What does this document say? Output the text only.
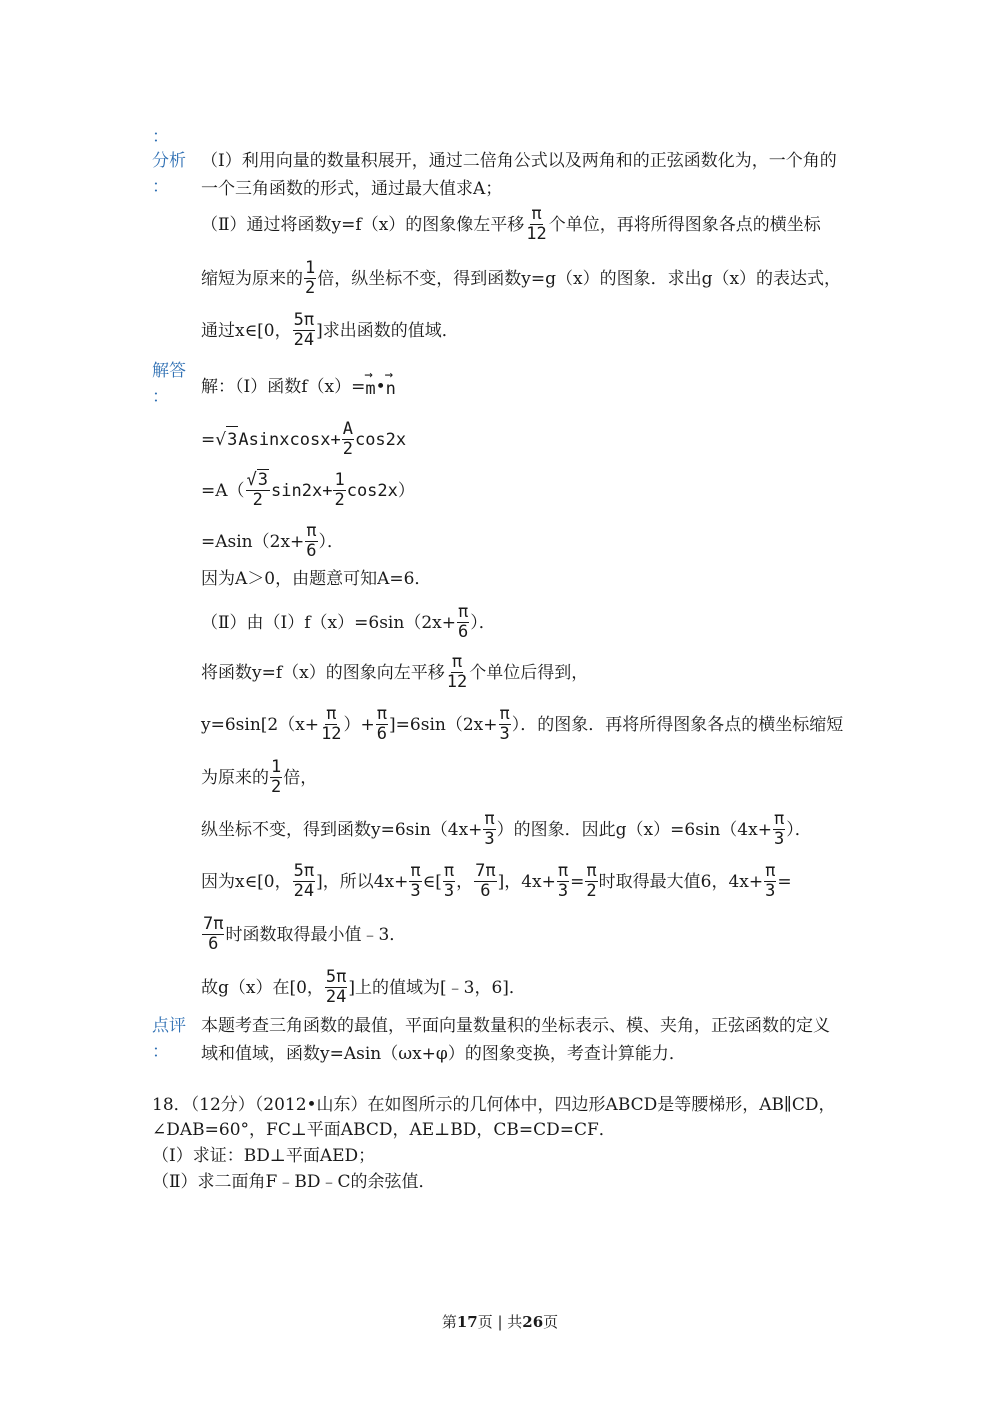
：
分析
：
解答
：
点评
：
（Ⅰ）利用向量的数量积展开，通过二倍角公式以及两角和的正弦函数化为，一个角的一个三角函数的形式，通过最大值求A；
（Ⅱ）通过将函数y=f（x）的图象像左平移 $\frac{\pi}{12}$ 个单位，再将所得图象各点的横坐标
缩短为原来的 $\frac{1}{2}$ 倍，纵坐标不变，得到函数y=g（x）的图象．求出g（x）的表达式，
通过x∈[0， $\frac{5\pi}{24}$ ]求出函数的值域．
解：（Ⅰ）函数f（x）= → m • → n
= √ 3 Asinxcosx+ $\frac{A}{2} \cos 2x$
$=A( \frac{√3}{2} \sin 2x+ \frac{1}{2} \cos 2x)$
$=Asin(2x+ \frac{\pi}{6}$ ）．
因为A＞0，由题意可知A=6．
（Ⅱ）由（Ⅰ）f（x）=6sin（2x+ $\frac{\pi}{6}$ ）．
将函数y=f（x）的图象向左平移 $\frac{\pi}{12}$ 个单位后得到，
$y=6\sin[2(x+ \frac{\pi}{12}$ ）+ $\frac{\pi}{6} ]=6\sin(2x+ \frac{\pi}{3}$ ）．的图象．再将所得图象各点的横坐标缩短
为原来的 $\frac{1}{2}$ 倍，
纵坐标不变，得到函数$y=6\sin(4x+ \frac{\pi}{3}$ ）的图象．因此$g(x)=6\sin(4x+ \frac{\pi}{3}$ ）．
因为x∈[0， $\frac{5\pi}{24}$ ]，所以$4x+ \frac{\pi}{3}$ ∈[ $\frac{\pi}{3}$ ， $\frac{7\pi}{6}$ ]，$4x+ \frac{\pi}{3} = \frac{\pi}{2}$ 时取得最大值6，$4x+ \frac{\pi}{3}$ =
$\frac{7\pi}{6}$ 时函数取得最小值﹣3．
故g（x）在[0， $\frac{5\pi}{24}$ ]上的值域为[﹣3，6]．
本题考查三角函数的最值，平面向量数量积的坐标表示、模、夹角，正弦函数的定义域和值域，函数y=Asin（ωx+φ）的图象变换，考查计算能力．
18．（12分）（2012•山东）在如图所示的几何体中，四边形ABCD是等腰梯形，AB∥CD，
∠DAB=60°，FC⊥平面ABCD，AE⊥BD，CB=CD=CF．
（Ⅰ）求证：BD⊥平面AED；
（Ⅱ）求二面角F﹣BD﹣C的余弦值．
第17页 | 共26页
